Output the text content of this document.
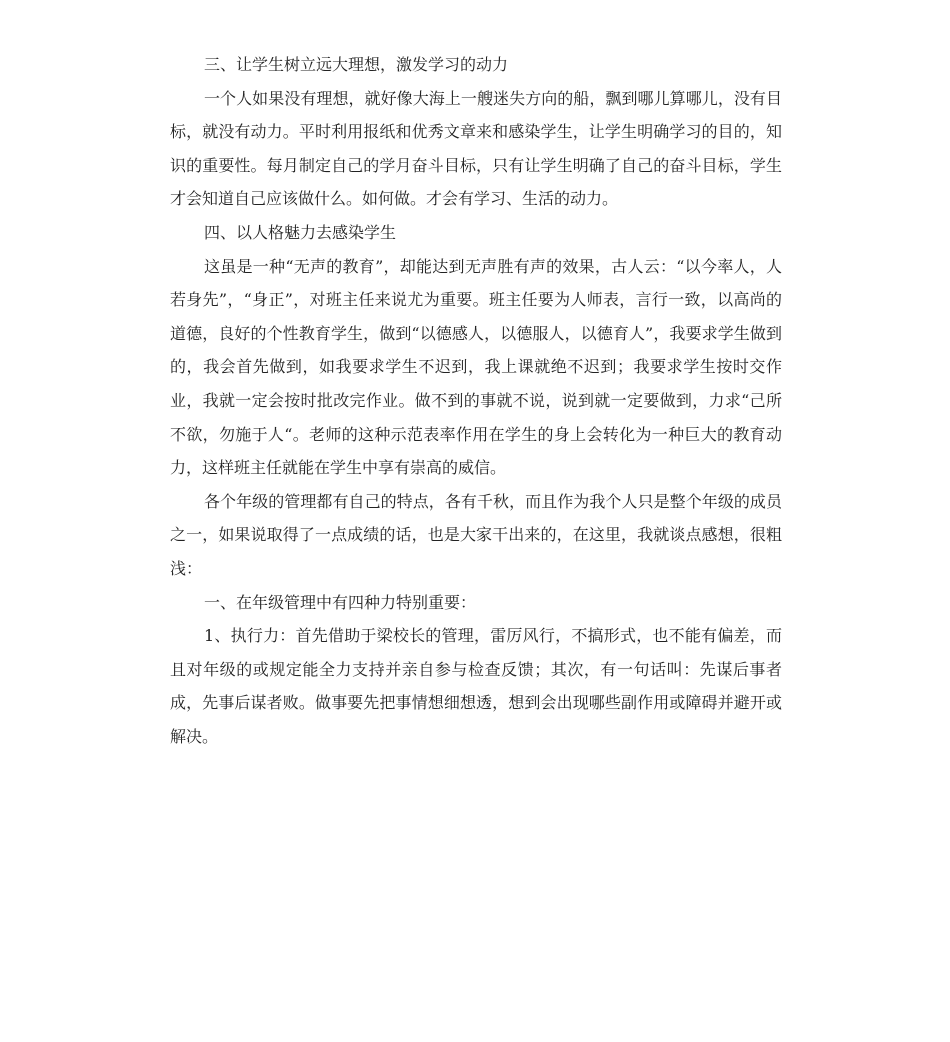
三、让学生树立远大理想，激发学习的动力

一个人如果没有理想，就好像大海上一艘迷失方向的船，飘到哪儿算哪儿，没有目标，就没有动力。平时利用报纸和优秀文章来和感染学生，让学生明确学习的目的，知识的重要性。每月制定自己的学月奋斗目标，只有让学生明确了自己的奋斗目标，学生才会知道自己应该做什么。如何做。才会有学习、生活的动力。

四、以人格魅力去感染学生

这虽是一种“无声的教育”，却能达到无声胜有声的效果，古人云：“以今率人，人若身先”，“身正”，对班主任来说尤为重要。班主任要为人师表，言行一致，以高尚的道德，良好的个性教育学生，做到“以德感人，以德服人，以德育人”，我要求学生做到的，我会首先做到，如我要求学生不迟到，我上课就绝不迟到；我要求学生按时交作业，我就一定会按时批改完作业。做不到的事就不说，说到就一定要做到，力求“己所不欲，勿施于人“。老师的这种示范表率作用在学生的身上会转化为一种巨大的教育动力，这样班主任就能在学生中享有崇高的威信。

各个年级的管理都有自己的特点，各有千秋，而且作为我个人只是整个年级的成员之一，如果说取得了一点成绩的话，也是大家干出来的，在这里，我就谈点感想，很粗浅：

一、在年级管理中有四种力特别重要：

1、执行力：首先借助于梁校长的管理，雷厉风行，不搞形式，也不能有偏差，而且对年级的或规定能全力支持并亲自参与检查反馈；其次，有一句话叫：先谋后事者成，先事后谋者败。做事要先把事情想细想透，想到会出现哪些副作用或障碍并避开或解决。
